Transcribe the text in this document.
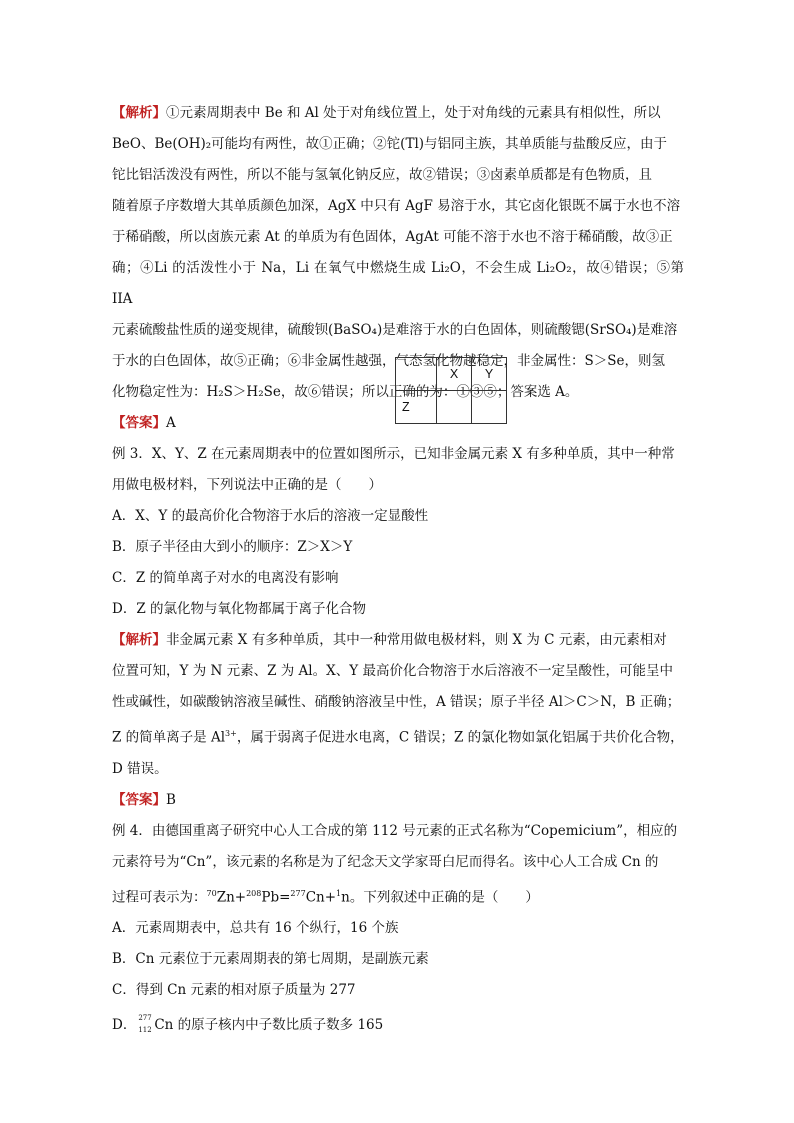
【解析】①元素周期表中 Be 和 Al 处于对角线位置上，处于对角线的元素具有相似性，所以

BeO、Be(OH)₂可能均有两性，故①正确；②铊(Tl)与铝同主族，其单质能与盐酸反应，由于

铊比铝活泼没有两性，所以不能与氢氧化钠反应，故②错误；③卤素单质都是有色物质，且

随着原子序数增大其单质颜色加深，AgX 中只有 AgF 易溶于水，其它卤化银既不属于水也不溶

于稀硝酸，所以卤族元素 At 的单质为有色固体，AgAt 可能不溶于水也不溶于稀硝酸，故③正

确；④Li 的活泼性小于 Na，Li 在氧气中燃烧生成 Li₂O，不会生成 Li₂O₂，故④错误；⑤第 IIA

元素硫酸盐性质的递变规律，硫酸钡(BaSO₄)是难溶于水的白色固体，则硫酸锶(SrSO₄)是难溶

于水的白色固体，故⑤正确；⑥非金属性越强，气态氢化物越稳定，非金属性：S＞Se，则氢

化物稳定性为：H₂S＞H₂Se，故⑥错误；所以正确的为：①③⑤；答案选 A。

【答案】A

例 3．X、Y、Z 在元素周期表中的位置如图所示，已知非金属元素 X 有多种单质，其中一种常

用做电极材料，下列说法中正确的是（　　）

A．X、Y 的最高价化合物溶于水后的溶液一定显酸性

B．原子半径由大到小的顺序：Z＞X＞Y

C．Z 的简单离子对水的电离没有影响

D．Z 的氯化物与氧化物都属于离子化合物

【解析】非金属元素 X 有多种单质，其中一种常用做电极材料，则 X 为 C 元素，由元素相对

位置可知，Y 为 N 元素、Z 为 Al。X、Y 最高价化合物溶于水后溶液不一定呈酸性，可能呈中

性或碱性，如碳酸钠溶液呈碱性、硝酸钠溶液呈中性，A 错误；原子半径 Al＞C＞N，B 正确；

Z 的简单离子是 $Al^{3+}$，属于弱离子促进水电离，C 错误；Z 的氯化物如氯化铝属于共价化合物，

D 错误。

【答案】B

例 4．由德国重离子研究中心人工合成的第 112 号元素的正式名称为“Copemicium”，相应的

元素符号为“Cn”，该元素的名称是为了纪念天文学家哥白尼而得名。该中心人工合成 Cn 的

过程可表示为：$^{70}$Zn+$^{208}$Pb=$^{277}$Cn+$^1$n。下列叙述中正确的是（　　）

A．元素周期表中，总共有 16 个纵行，16 个族

B．Cn 元素位于元素周期表的第七周期，是副族元素

C．得到 Cn 元素的相对原子质量为 277

D． 277
112 Cn 的原子核内中子数比质子数多 165

	X	Y
Z		
